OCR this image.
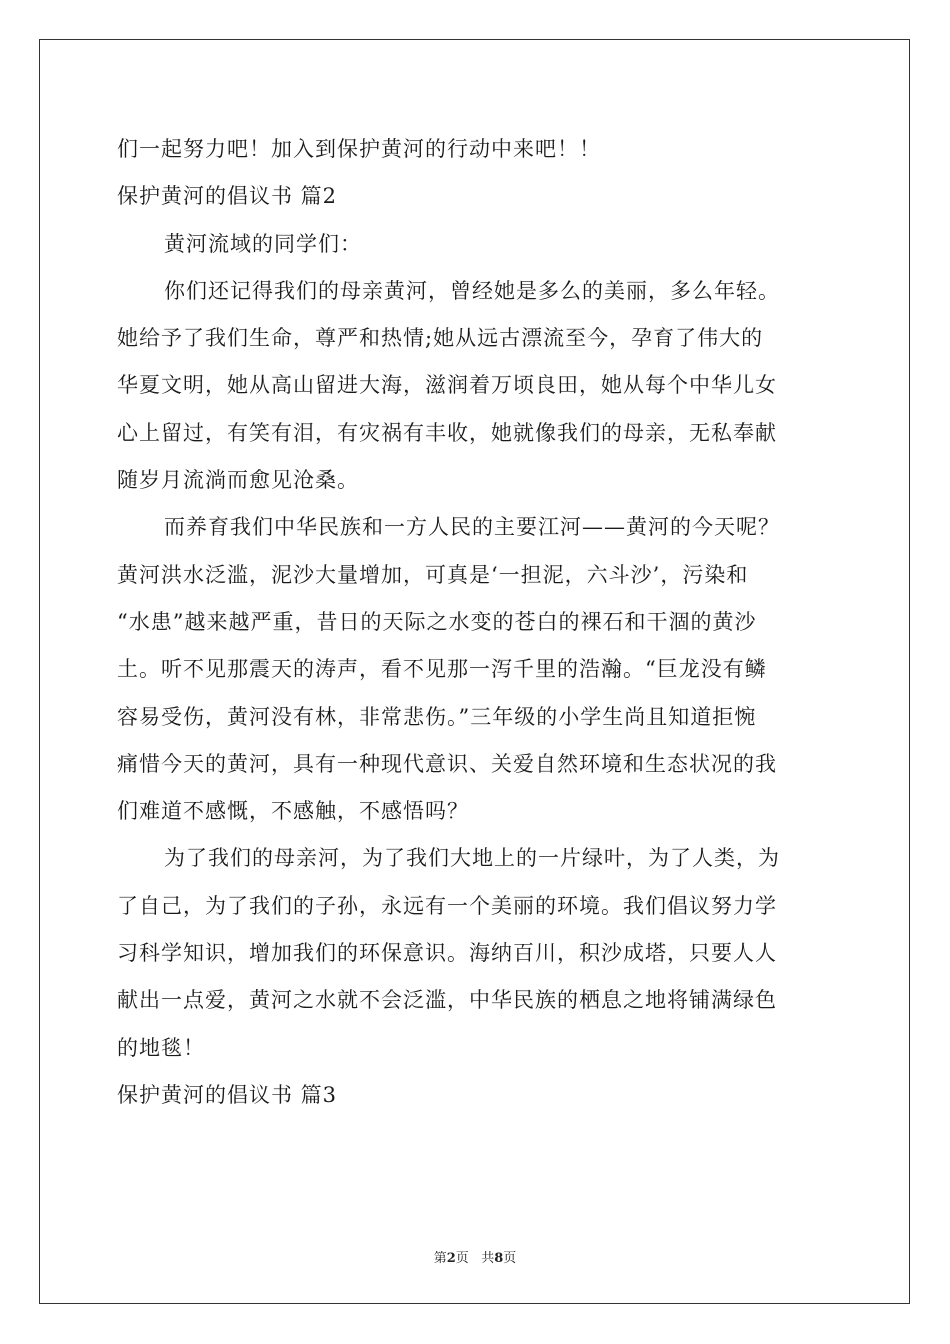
们一起努力吧！加入到保护黄河的行动中来吧！！
保护黄河的倡议书 篇2
黄河流域的同学们：
你们还记得我们的母亲黄河，曾经她是多么的美丽，多么年轻。
她给予了我们生命，尊严和热情;她从远古漂流至今，孕育了伟大的
华夏文明，她从高山留进大海，滋润着万顷良田，她从每个中华儿女
心上留过，有笑有泪，有灾祸有丰收，她就像我们的母亲，无私奉献
随岁月流淌而愈见沧桑。
而养育我们中华民族和一方人民的主要江河——黄河的今天呢？
黄河洪水泛滥，泥沙大量增加，可真是‘一担泥，六斗沙’，污染和
“水患”越来越严重，昔日的天际之水变的苍白的裸石和干涸的黄沙
土。听不见那震天的涛声，看不见那一泻千里的浩瀚。“巨龙没有鳞
容易受伤，黄河没有林，非常悲伤。”三年级的小学生尚且知道拒惋
痛惜今天的黄河，具有一种现代意识、关爱自然环境和生态状况的我
们难道不感慨，不感触，不感悟吗？
为了我们的母亲河，为了我们大地上的一片绿叶，为了人类，为
了自己，为了我们的子孙，永远有一个美丽的环境。我们倡议努力学
习科学知识，增加我们的环保意识。海纳百川，积沙成塔，只要人人
献出一点爱，黄河之水就不会泛滥，中华民族的栖息之地将铺满绿色
的地毯！
保护黄河的倡议书 篇3
第2页   共8页
